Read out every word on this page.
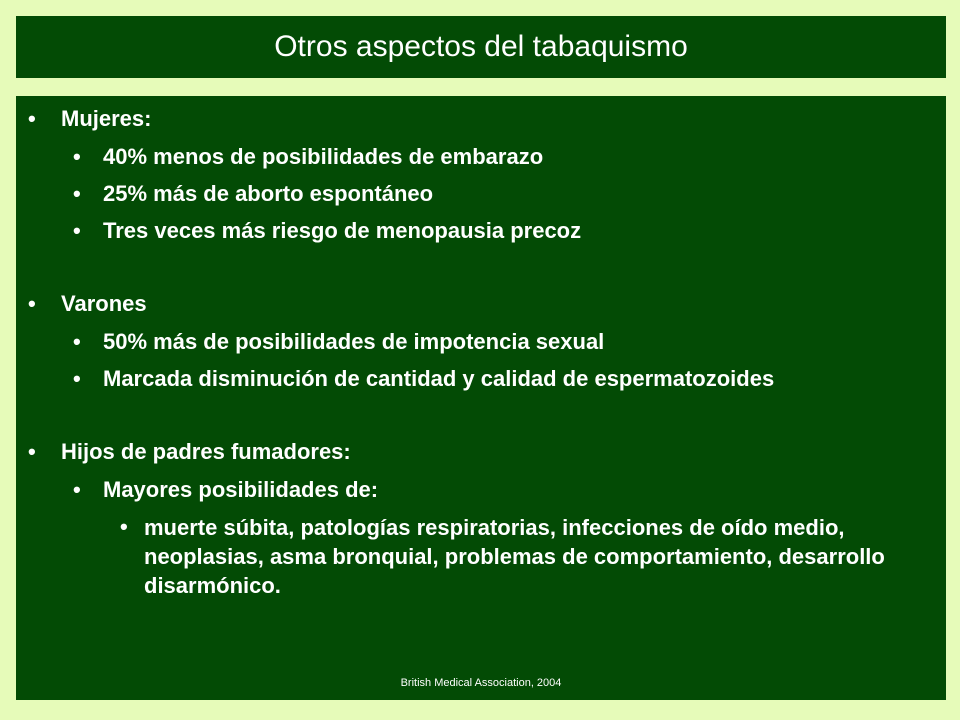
Otros aspectos del tabaquismo
• Mujeres:
• 40% menos de posibilidades de embarazo
• 25% más de aborto espontáneo
• Tres veces más riesgo de menopausia precoz
• Varones
• 50% más de posibilidades de impotencia sexual
• Marcada disminución de cantidad y calidad de espermatozoides
• Hijos de padres fumadores:
• Mayores posibilidades de:
• muerte súbita, patologías respiratorias, infecciones de oído medio, neoplasias, asma bronquial, problemas de comportamiento, desarrollo disarmónico.
British Medical Association, 2004
